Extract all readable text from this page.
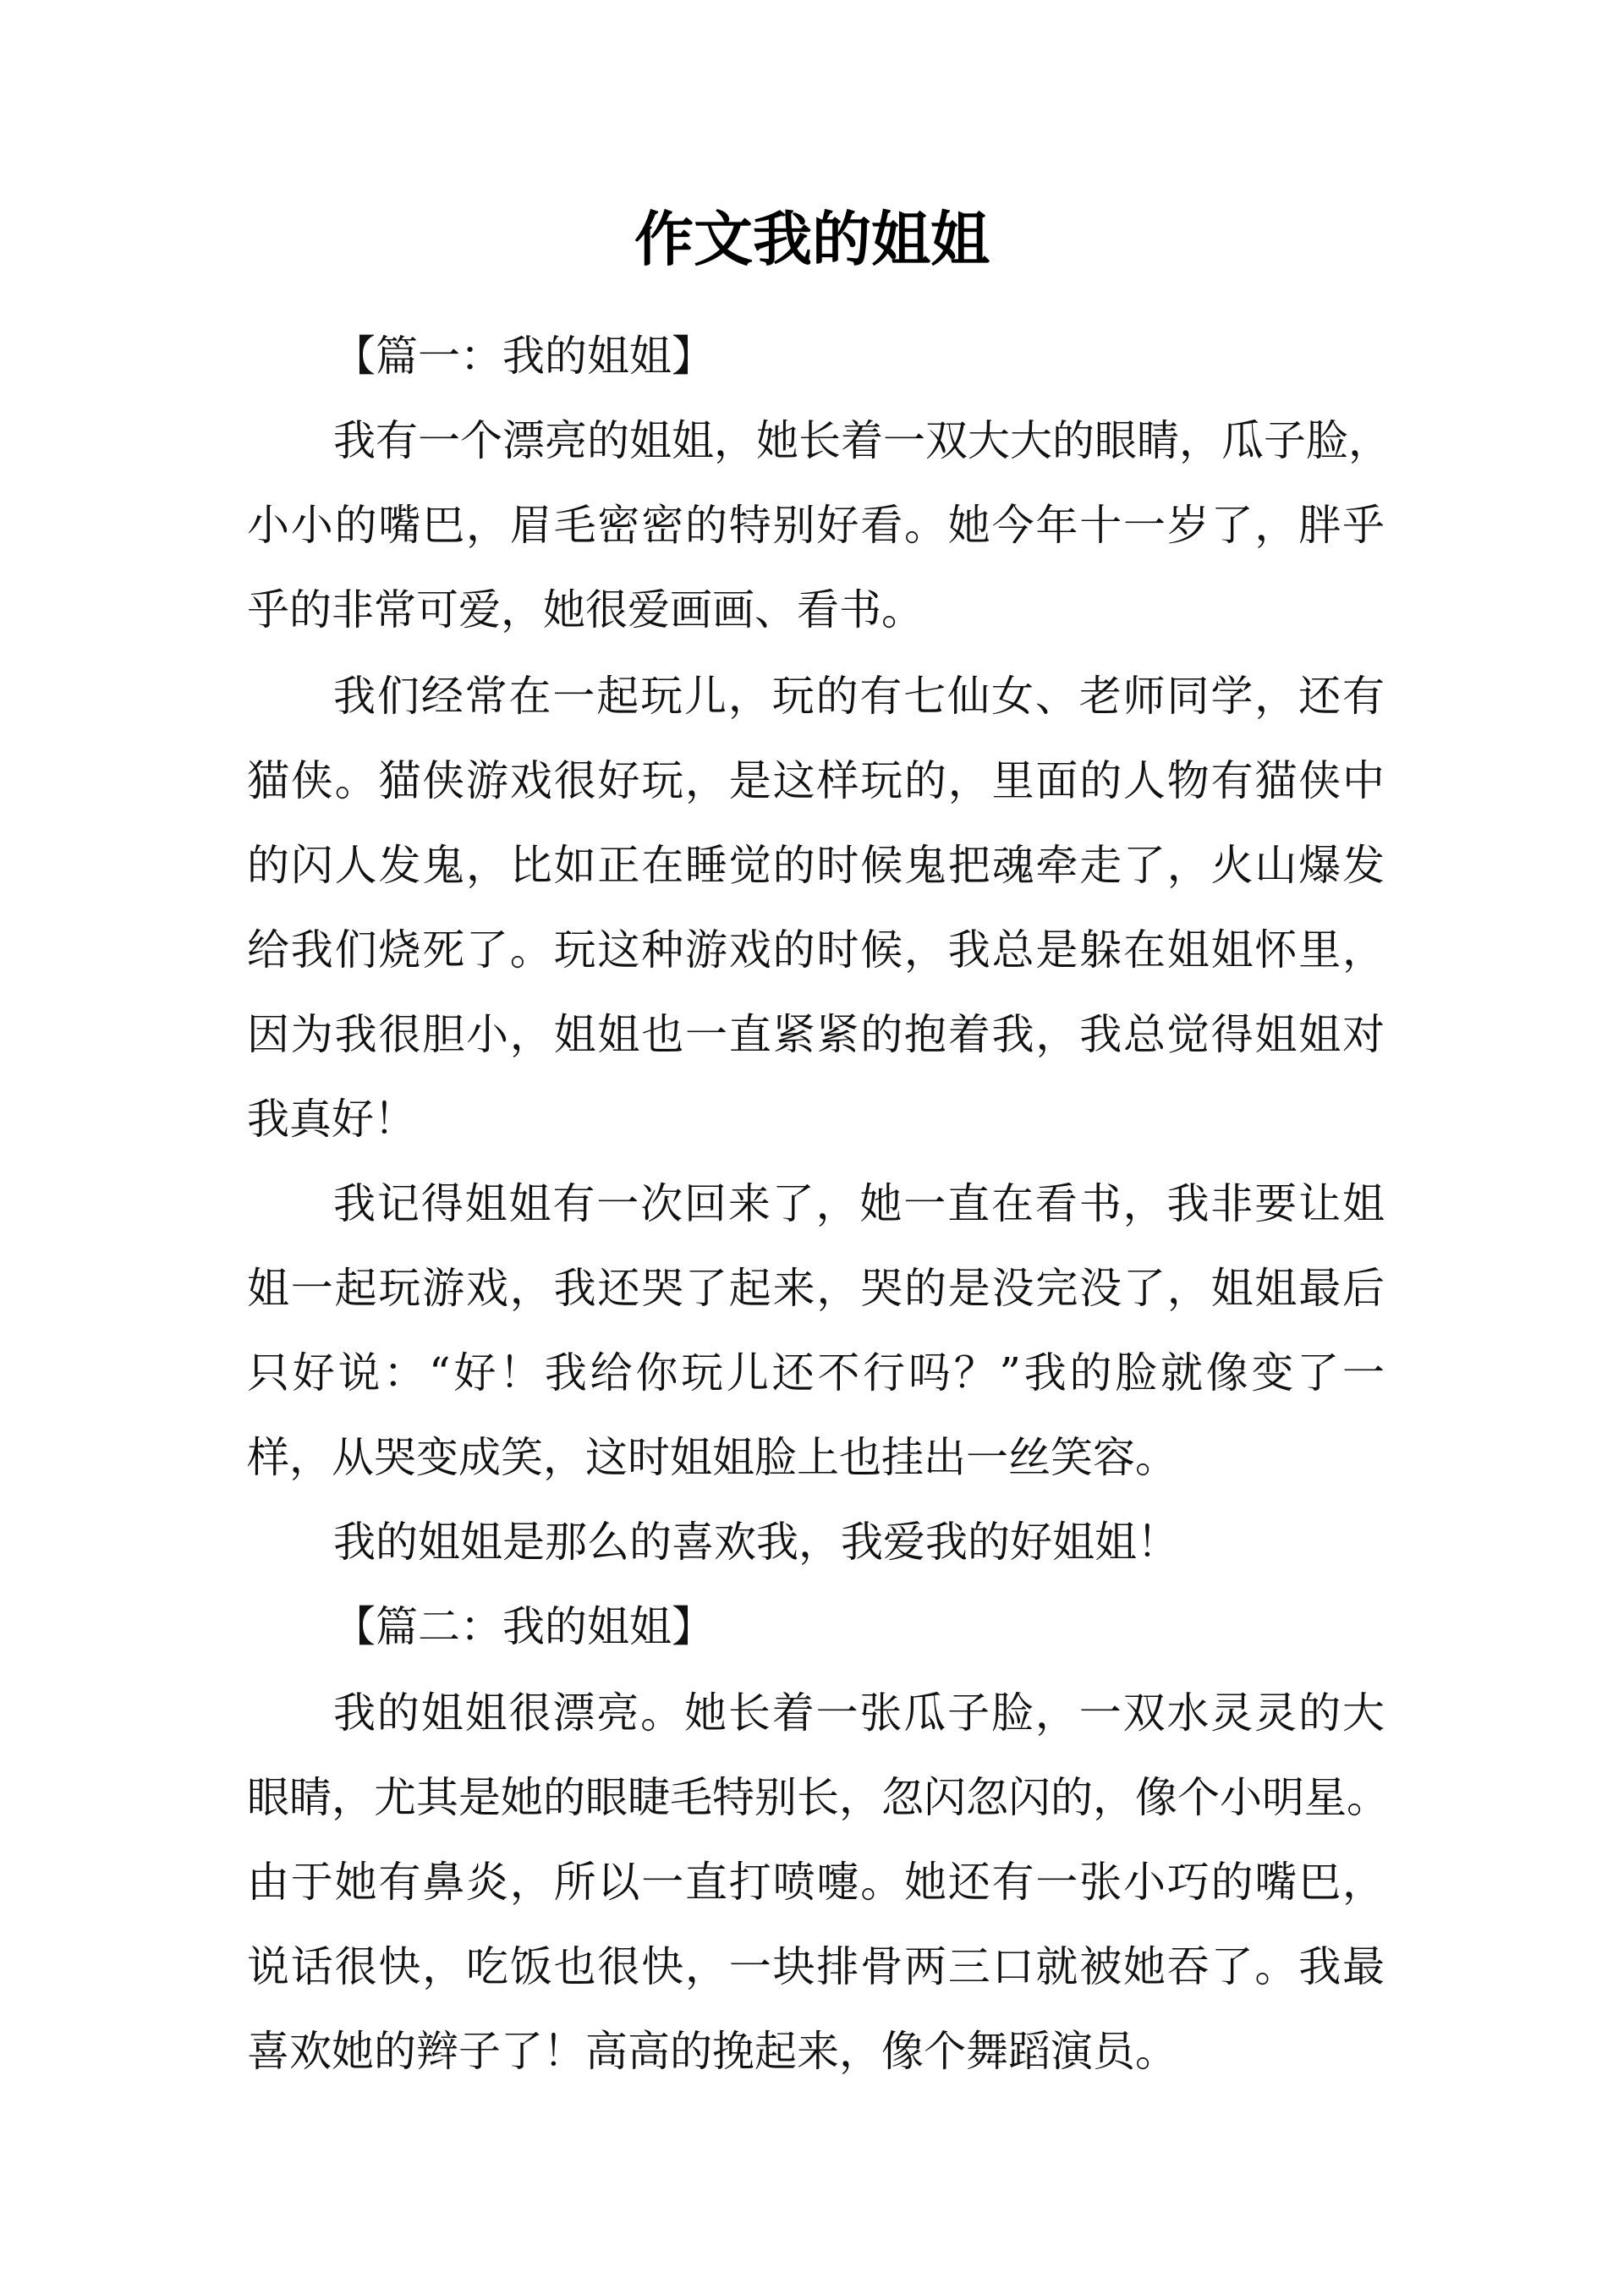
作文我的姐姐
【篇一：我的姐姐】
我有一个漂亮的姐姐，她长着一双大大的眼睛，瓜子脸，
小小的嘴巴，眉毛密密的特别好看。她今年十一岁了，胖乎
乎的非常可爱，她很爱画画、看书。
我们经常在一起玩儿，玩的有七仙女、老师同学，还有
猫侠。猫侠游戏很好玩，是这样玩的，里面的人物有猫侠中
的闪人发鬼，比如正在睡觉的时候鬼把魂牵走了，火山爆发
给我们烧死了。玩这种游戏的时候，我总是躲在姐姐怀里，
因为我很胆小，姐姐也一直紧紧的抱着我，我总觉得姐姐对
我真好！
我记得姐姐有一次回来了，她一直在看书，我非要让姐
姐一起玩游戏，我还哭了起来，哭的是没完没了，姐姐最后
只好说：“好！我给你玩儿还不行吗？”我的脸就像变了一
样，从哭变成笑，这时姐姐脸上也挂出一丝笑容。
我的姐姐是那么的喜欢我，我爱我的好姐姐！
【篇二：我的姐姐】
我的姐姐很漂亮。她长着一张瓜子脸，一双水灵灵的大
眼睛，尤其是她的眼睫毛特别长，忽闪忽闪的，像个小明星。
由于她有鼻炎，所以一直打喷嚏。她还有一张小巧的嘴巴，
说话很快，吃饭也很快，一块排骨两三口就被她吞了。我最
喜欢她的辫子了！高高的挽起来，像个舞蹈演员。
